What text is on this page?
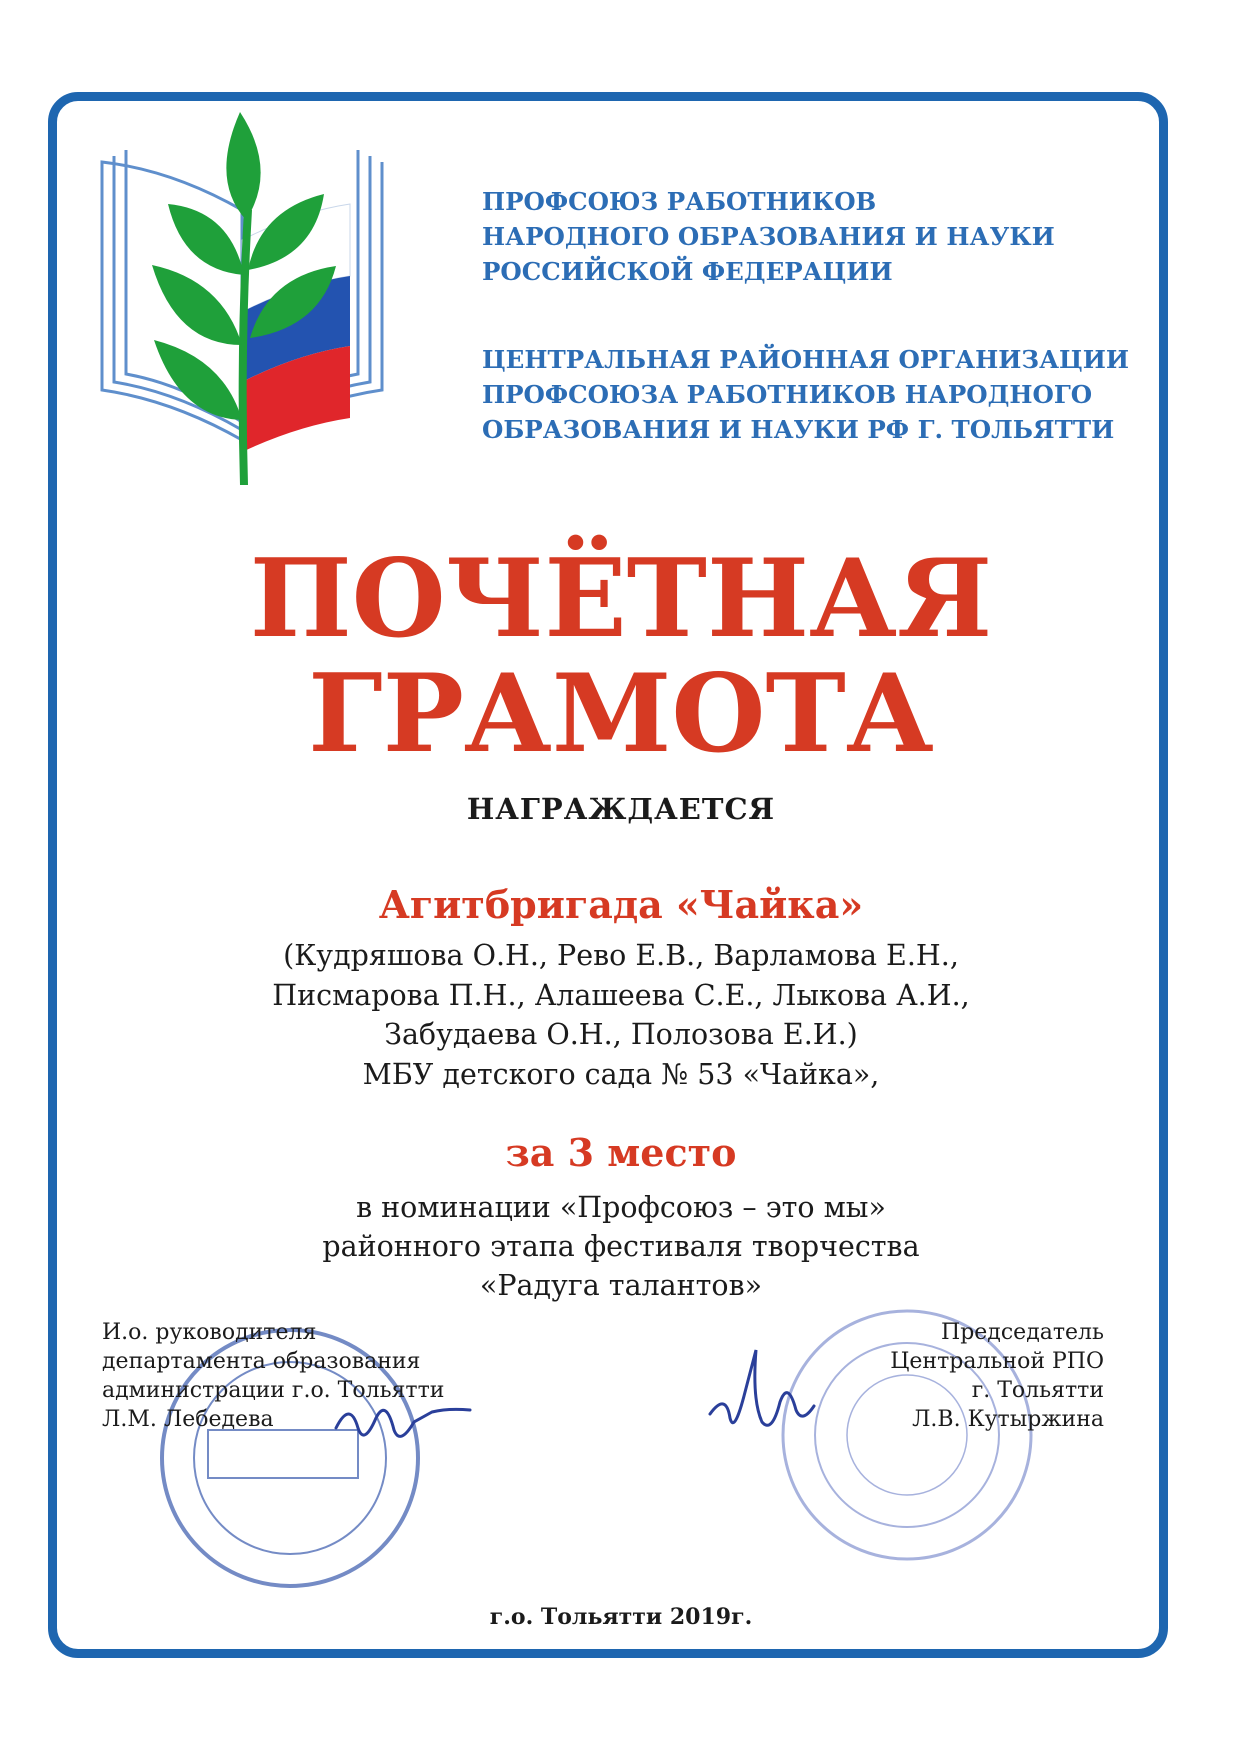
ПРОФСОЮЗ РАБОТНИКОВ
НАРОДНОГО ОБРАЗОВАНИЯ И НАУКИ
РОССИЙСКОЙ ФЕДЕРАЦИИ
ЦЕНТРАЛЬНАЯ РАЙОННАЯ ОРГАНИЗАЦИИ
ПРОФСОЮЗА РАБОТНИКОВ НАРОДНОГО
ОБРАЗОВАНИЯ И НАУКИ РФ Г. ТОЛЬЯТТИ

ПОЧЁТНАЯ

ГРАМОТА

НАГРАЖДАЕТСЯ

Агитбригада «Чайка»

(Кудряшова О.Н., Рево Е.В., Варламова Е.Н.,
Писмарова П.Н., Алашеева С.Е., Лыкова А.И.,
Забудаева О.Н., Полозова Е.И.)
МБУ детского сада № 53 «Чайка»,

за 3 место

в номинации «Профсоюз – это мы»
районного этапа фестиваля творчества
«Радуга талантов»
И.о. руководителя
департамента образования
администрации г.о. Тольятти
Л.М. Лебедева
Председатель
Центральной РПО
г. Тольятти
Л.В. Кутыржина

г.о. Тольятти 2019г.
